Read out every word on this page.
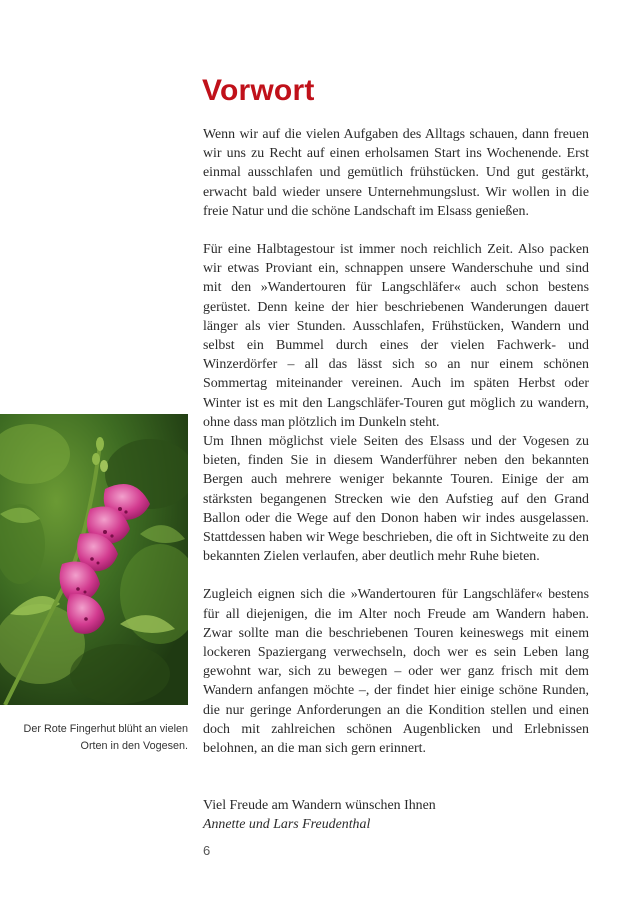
Vorwort

Wenn wir auf die vielen Aufgaben des Alltags schauen, dann freuen wir uns zu Recht auf einen erholsamen Start ins Wochenende. Erst einmal ausschlafen und gemütlich frühstücken. Und gut gestärkt, erwacht bald wieder unsere Unternehmungslust. Wir wollen in die freie Natur und die schöne Landschaft im Elsass genießen.

Für eine Halbtagestour ist immer noch reichlich Zeit. Also packen wir etwas Proviant ein, schnappen unsere Wanderschuhe und sind mit den »Wandertouren für Langschläfer« auch schon bestens gerüstet. Denn keine der hier beschriebenen Wanderungen dauert länger als vier Stunden. Ausschlafen, Frühstücken, Wandern und selbst ein Bummel durch eines der vielen Fachwerk- und Winzerdörfer – all das lässt sich so an nur einem schönen Sommertag miteinander vereinen. Auch im späten Herbst oder Winter ist es mit den Langschläfer-Touren gut möglich zu wandern, ohne dass man plötzlich im Dunkeln steht.

Um Ihnen möglichst viele Seiten des Elsass und der Vogesen zu bieten, finden Sie in diesem Wanderführer neben den bekannten Bergen auch mehrere weniger bekannte Touren. Einige der am stärksten begangenen Strecken wie den Aufstieg auf den Grand Ballon oder die Wege auf den Donon haben wir indes ausgelassen. Stattdessen haben wir Wege beschrieben, die oft in Sichtweite zu den bekannten Zielen verlaufen, aber deutlich mehr Ruhe bieten.

Zugleich eignen sich die »Wandertouren für Langschläfer« bestens für all diejenigen, die im Alter noch Freude am Wandern haben. Zwar sollte man die beschriebenen Touren keineswegs mit einem lockeren Spaziergang verwechseln, doch wer es sein Leben lang gewohnt war, sich zu bewegen – oder wer ganz frisch mit dem Wandern anfangen möchte –, der findet hier einige schöne Runden, die nur geringe Anforderungen an die Kondition stellen und einen doch mit zahlreichen schönen Augenblicken und Erlebnissen belohnen, an die man sich gern erinnert.

Viel Freude am Wandern wünschen Ihnen
Annette und Lars Freudenthal
6
Der Rote Fingerhut blüht an vielen
Orten in den Vogesen.
